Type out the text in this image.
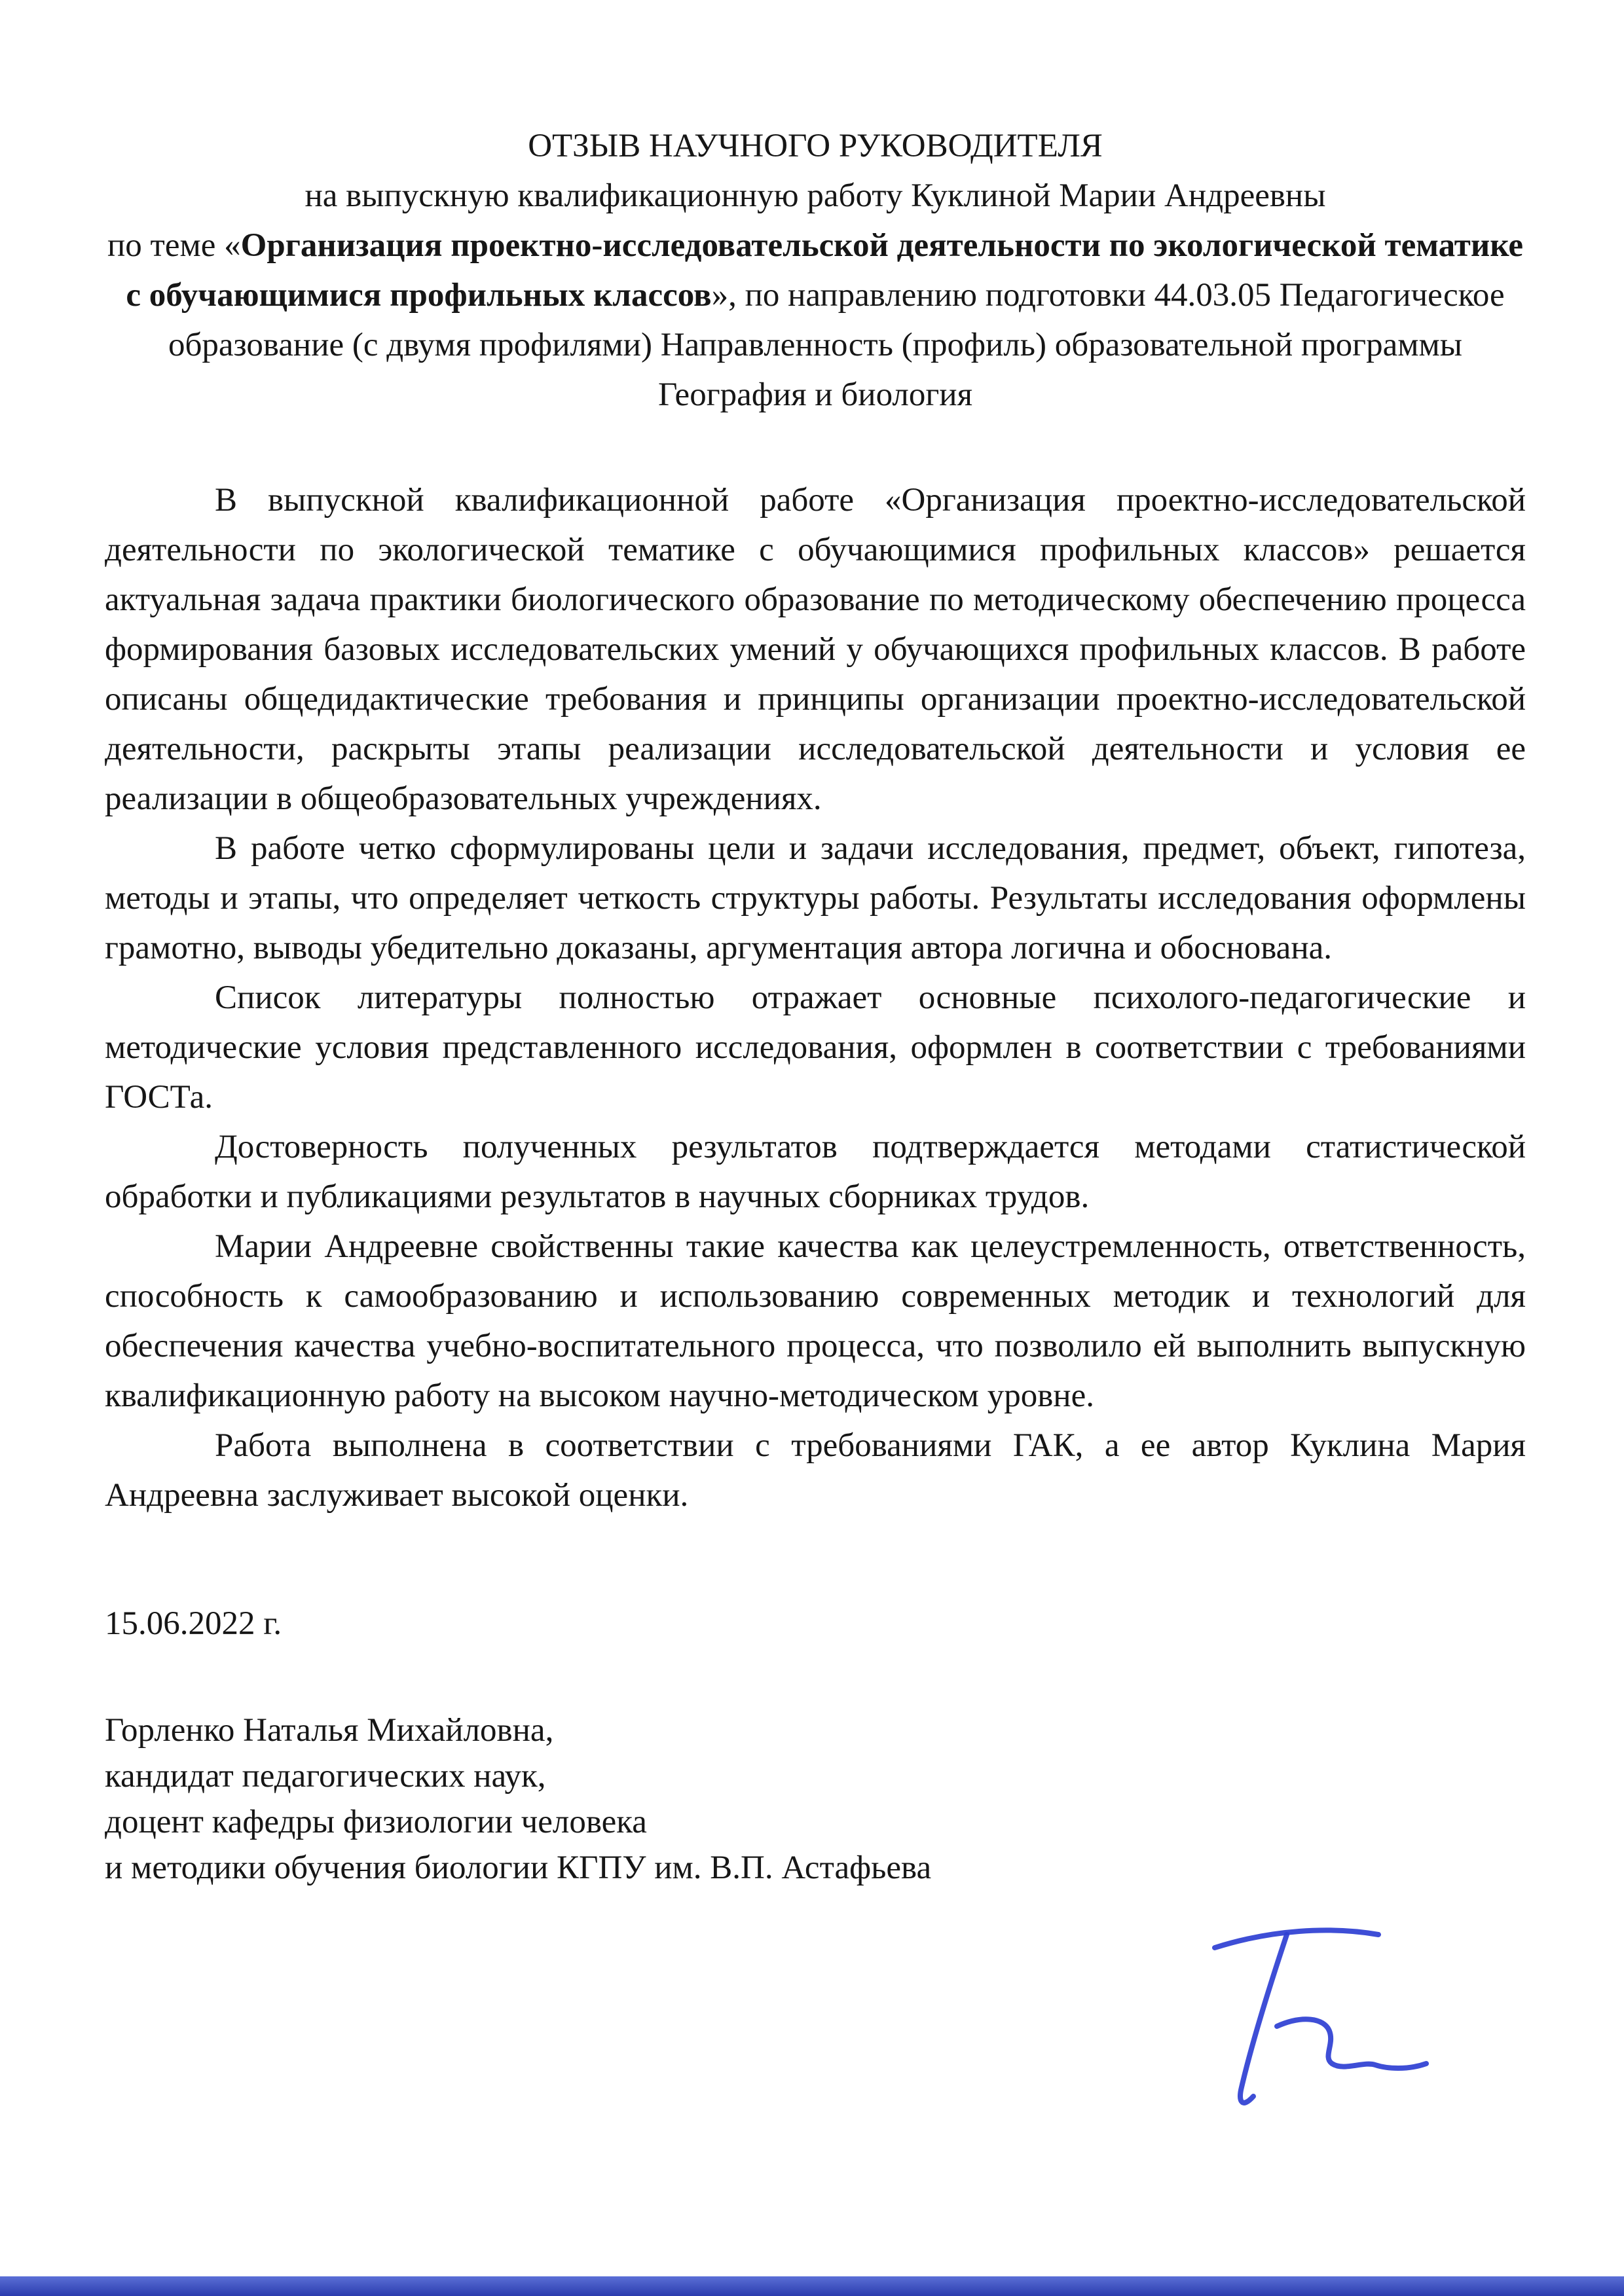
ОТЗЫВ НАУЧНОГО РУКОВОДИТЕЛЯ
на выпускную квалификационную работу Куклиной Марии Андреевны
по теме «Организация проектно-исследовательской деятельности по экологической тематике с обучающимися профильных классов», по направлению подготовки 44.03.05 Педагогическое образование (с двумя профилями) Направленность (профиль) образовательной программы География и биология

В выпускной квалификационной работе «Организация проектно-исследовательской деятельности по экологической тематике с обучающимися профильных классов» решается актуальная задача практики биологического образование по методическому обеспечению процесса формирования базовых исследовательских умений у обучающихся профильных классов. В работе описаны общедидактические требования и принципы организации проектно-исследовательской деятельности, раскрыты этапы реализации исследовательской деятельности и условия ее реализации в общеобразовательных учреждениях.

В работе четко сформулированы цели и задачи исследования, предмет, объект, гипотеза, методы и этапы, что определяет четкость структуры работы. Результаты исследования оформлены грамотно, выводы убедительно доказаны, аргументация автора логична и обоснована.

Список литературы полностью отражает основные психолого-педагогические и методические условия представленного исследования, оформлен в соответствии с требованиями ГОСТа.

Достоверность полученных результатов подтверждается методами статистической обработки и публикациями результатов в научных сборниках трудов.

Марии Андреевне свойственны такие качества как целеустремленность, ответственность, способность к самообразованию и использованию современных методик и технологий для обеспечения качества учебно-воспитательного процесса, что позволило ей выполнить выпускную квалификационную работу на высоком научно-методическом уровне.

Работа выполнена в соответствии с требованиями ГАК, а ее автор Куклина Мария Андреевна заслуживает высокой оценки.

15.06.2022 г.
Горленко Наталья Михайловна,
кандидат педагогических наук,
доцент кафедры физиологии человека
и методики обучения биологии КГПУ им. В.П. Астафьева
